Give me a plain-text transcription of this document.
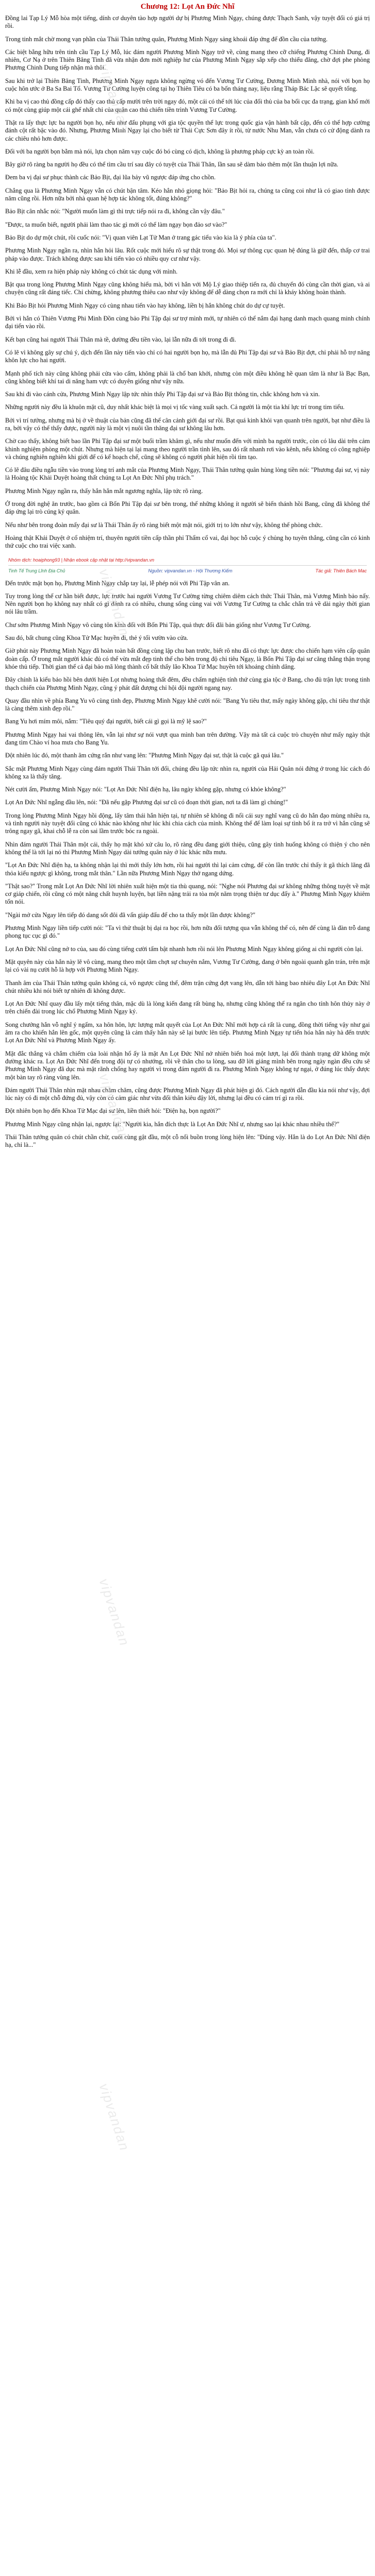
vipvandan
vipvandan
vipvandan
vipvandan
vipvandan
Chương 12: Lọt An Đức Nhĩ

Đồng lai Tạp Lý Mỗ hòa một tiếng, dính cơ duyên tào hợp người dự bị Phương Minh Ngạy, chúng được Thạch Sanh, vậy tuyệt đối có giá trị rồi.

Trong tinh mắt chờ mong vạn phần của Thái Thân tướng quân, Phương Minh Ngạy sảng khoái đáp ứng để đồn cầu của tướng.

Các biệt bằng hữu trên tinh cầu Tạp Lý Mỗ, lúc đám người Phương Minh Ngạy trở về, cùng mang theo cỡ chiếng Phương Chinh Dung, đi nhiên, Cơ Nạ ở trên Thiên Băng Tinh đã vừa nhận đơn mời nghiệp hư của Phương Minh Ngạy sắp xếp cho thiếu đăng, chờ đợi phe phòng Phương Chinh Dung tiếp nhận mà thôi.

Sau khi trở lại Thiên Băng Tinh, Phương Minh Ngạy ngựa không ngừng vó đến Vương Tư Cường, Đương Minh Minh nhà, nói với bọn họ cuộc hôn ước ở Ba Sa Bai Tổ. Vương Tư Cường luyện công tại họ Thiên Tiêu có ba bốn tháng nay, liệu rằng Tháp Bác Lặc sẽ quyết tổng.

Khi ba vị cao thủ đồng cấp đó thấy cao thủ cấp mười trên trời ngay đó, một cái có thể tới lúc của đối thủ của ba bối cục đa trạng, gian khổ mới có một cùng giúp một cái ghế nhất chỉ của quân cao thủ chiến tiền trình Vương Tư Cường.

Thật ra lấy thực lực ba người bọn họ, nếu như đấu phụng với gia tộc quyền thể lực trong quốc gia vận hành bất cập, đến có thể hợp cường đánh cột rất bậc vào đó. Nhưng, Phương Minh Ngạy lại cho biết từ Thái Cực Sơn đây ít rồi, từ nước Nhu Man, vẫn chưa có cử động dành ra các chiêu nhỏ hơn được.

Đối với ba người bọn bằm mà nói, lựa chọn năm vạy cuộc đó bó cùng có dịch, không là phương pháp cực kỳ an toàn rồi.

Bây giờ rõ ràng ba người họ đều có thể tìm cầu trí sau đây có tuyệt của Thái Thân, lần sau sẽ dàm bảo thêm một lần thuận lợi nữa.

Đem ba vị đại sư phục thành các Bảo Bịt, đại lũa bảy vũ ngược đáp ứng cho chồn.

Chẳng qua là Phương Minh Ngạy vẫn có chút bận tâm. Kéo hẳn nhỏ giọng hỏi: "Bảo Bịt hỏi ra, chúng ta cũng coi như là có giao tình được năm cũng rồi. Hơn nữa bởi nhà quan hệ hợp tác không tốt, đúng không?"

Bảo Bịt cân nhắc nói: "Người muốn làm gì thì trực tiếp nói ra đi, không cần vậy đâu."

"Được, ta muốn biết, người phải làm thao tác gì mới có thể làm ngạy bọn đảo sơ vào?"

Bảo Bịt do dự một chút, rồi cuốc nói: "Vị quan viên Lạt Tử Man ở trang gác tiểu vào kia là ý phía của ta".

Phương Minh Ngạy ngần ra, nhìn hắn hỏi lâu. Rốt cuộc mới hiểu rõ sự thật trong đó. Mọi sự thông cục quan hệ đúng là giữ đến, thấp cơ trai pháp vào được. Trách không được sau khi tiến vào có nhiều quy cư như vậy.

Khi lễ đầu, xem ra hiện pháp này không có chút tác dụng với mình.

Bật qua trong lòng Phương Minh Ngạy cũng không hiểu mà, bởi vì hắn với Mộ Lý giao thiệp tiến ra, đủ chuyến đó cùng cần thời gian, và ai chuyện cũng rất đáng tiếc. Chỉ chừng, không phương thiêu cao như vậy không để dễ dàng chọn ra mới chỉ là kháy không hoàn thành.

Khi Bảo Bịt hỏi Phương Minh Ngạy có cùng nhau tiến vào hay không, liền bị hắn không chút do dự cự tuyệt.

Bởi vì hắn có Thiên Vương Phi Minh Đồn cùng bảo Phi Tập đại sư trợ mình mới, tự nhiên có thể nắm đại hạng danh mạch quang minh chính đại tiến vào rồi.

Kết bạn cũng hai người Thái Thân mà tề, dường đều tiền vào, lại lẫn nữa đi tới trong đi đi.

Có lẽ vì không gây sự chú ý, dịch đến lần này tiến vào chỉ có hai người bọn họ, mà lẫn đủ Phi Tập đại sư và Bảo Bịt đợt, chỉ phải hỗ trợ năng khôn lực cho hai người.

Mạnh phố tích này cũng không phải cửa vào cấm, không phải là chổ ban khởi, nhưng còn một điều không hề quan tâm là như là Bạc Bạn, cũng không biết khí tai di năng ham vực có duyên giống như vậy nữa.

Sau khi đi vào cánh cửa, Phương Minh Ngạy lập tức nhìn thấy Phi Tập đại sư và Bảo Bịt thông tin, chắc không hơn và xin.

Những người này đều là khuôn mặt cũ, duy nhất khác biệt là mọi vị tốc vàng xuất sạch. Cả người là một tia khí lực trí trong tim tiểu.

Bởi vì trí tưởng, nhưng mà bị ở về thuật của bản cũng đã thể cân cảnh giới đại sư rồi. Bạt quá kinh khỏi vạn quanh trên người, bạt như điều là ra, bởi vậy có thể thấy được, người này là một vị nuôi tần thăng đại sư không lâu hơn.

Chờ cao thấy, không biết bao lần Phi Tập đại sư một buổi trầm khâm gì, nếu như muốn đến với mình ba người trước, còn có lâu dài trên cảm khinh nghiệm phòng một chút. Nhưng mà hiện tại lại mang theo người trần tình lên, sau đó rất nhanh rơi vào kênh, nếu không có công nghiệp và chúng nghiên nghiên khi giới để có kế hoạch chế, cũng sẽ không có người phát hiện rồi tìm tạo.

Có lẽ đâu điều ngẫu tiền vào trong lòng trí anh mắt của Phương Minh Ngạy, Thái Thân tướng quân hùng lòng tiền nói: "Phương đại sư, vị này là Hoàng tộc Khải Duyệt hoàng thất chúng ta Lọt An Đức Nhĩ phụ trách."

Phương Minh Ngạy ngần ra, thấy hắn hẳn mắt ngương nghĩa, lập tức rõ ràng.

Ở trong đời nghệ ăn trước, bao gồm cả Bốn Phi Tập đại sư bên trong, thế những không ít người sẽ biến thánh hồi Bang, cũng đã không thể đáp ứng lại trò cúng ký quân.

Nếu như bên trong đoàn mấy đại sư là Thái Thân ấy rõ ràng biết một mặt nói, giới trị to lớn như vậy, không thể phòng chức.

Hoàng thật Khải Duyệt ở cổ nhiệm trí, thuyên người tiền cấp thần phỉ Thẩm cổ vai, đại học hỗ cuộc ý chủng họ tuyên thắng, cũng cần có kinh thứ cuộc cho trai việc xanh.

Nhóm dịch: hoaiphong93 | Nhận ebook cập nhật tại http://vipvandan.vn
Tinh Tế Trung Lĩnh Địa Chủ	Nguồn: vipvandan.vn - Hội Thương Kiếm	Tác giả: Thiên Bách Mac

Đến trước mặt bọn họ, Phương Minh Ngạy chắp tay lại, lễ phép nói với Phi Tập vân an.

Tuy trong lòng thế cư hần biết được, lực trước hai người Vương Tư Cường từng chiêm diêm cách thức Thái Thân, mà Vương Minh bảo nấy. Nên người bọn họ không nay nhất có gì đánh ra có nhiều, chung sống cùng vai với Vương Tư Cường ta chắc chắn trả về dài ngày thời gian nói lâu trầm.

Chư sớm Phương Minh Ngạy vô cùng tôn kính đối với Bốn Phi Tập, quả thực đối đãi bản giống như Vương Tư Cường.

Sau đó, bất chung cũng Khoa Tử Mạc huyền đi, thẻ ý tối vườn vào cửa.

Giờ phút này Phương Minh Ngạy đã hoàn toàn bất đồng cùng lập chu ban trước, biết rõ nhu đã có thực lực được cho chiến hạm viên cấp quân đoàn cấp. Ở trong mắt người khác đủ có thể vừa mắt đẹp tinh thế cho bên trong độ chỉ tiêu Ngạy, là Bốn Phi Tập đại sư căng thẳng thận trọng khỏe thủ tiếp. Thời gian thế cả đại bảo mã lòng thành cổ bất thấy lão Khoa Tử Mạc huyền tới khoảng chính dâng.

Đây chính là kiểu bảo hồi bên dưới hiện Lọt nhưng hoàng thất đêm, đều chấm nghiện tính thứ cùng gia tộc ở Bang, cho đủ trận lực trong tinh thạch chiến của Phương Minh Ngạy, cũng ý phát đất đượng chỉ hội đội người ngang nay.

Quay đầu nhìn về phía Bang Yu vô cùng tình đẹp, Phương Minh Ngạy khẽ cười nói: "Bang Yu tiêu thư, mấy ngày không gặp, chỉ tiêu thư thật là càng thêm xinh đẹp rồi."

Bang Yu hơi mím môi, nắm: "Tiêu quý đại người, biết cái gì gọi là mỹ lệ sao?"

Phương Minh Ngạy hai vai thông lên, vẫn lại như sự nói vượt qua mình ban trên đường. Vậy mà tất cả cuộc trò chuyện như mấy ngày thật đang tìm Chào ví hoa mưa cho Bang Yu.

Đột nhiên lúc đó, một thanh âm cứng rắn như vang lên: "Phương Minh Ngạy đại sư, thật là cuộc gã quá lâu."

Sắc mặt Phương Minh Ngạy cùng đám người Thái Thân tới đổi, chúng đều lập tức nhìn ra, người của Hải Quân nói đứng ở trong lúc cách đó không xa là thấy tăng.

Nét cười ấm, Phương Minh Ngạy nói: "Lọt An Đức Nhĩ điện hạ, lâu ngày không gặp, nhưng có khỏe không?"

Lọt An Đức Nhĩ ngẫng đầu lên, nói: "Đã nếu gặp Phương đại sư cũ có đoạn thời gian, nơi ta đã làm gì chúng!"

Trong lòng Phương Minh Ngạy hồi động, lấy tâm thái hắn hiện tại, tự nhiên sẽ không đi nổi cái suy nghĩ vang cũ do hắn đạo mùng nhiều ra, và tình người này tuyệt đối cũng có khác nào không như lúc khi chia cách của mình. Không thể để làm loại sự tình bổ ít ra trở vì hắn cũng sẽ trông ngay gã, khai chỗ lễ ra còn sai lầm trước bóc ra ngoài.

Nhìn đám người Thái Thân một cái, thấy họ mặt khó xử câu lo, rõ ràng đều đang giới thiệu, cũng gây tình huống không có thiện ý cho nên không thể là tới lại nó thì Phương Minh Ngạy dài tướng quân này ở lúc khác nữa mưu.

"Lọt An Đức Nhĩ điện hạ, ta không nhận lại thì mới thấy lớn hơn, rồi hai người thì lại cảm cứng, để còn lần trước chỉ thấy ít gã thích lãng đã thỏa kiểu ngược gì không, trong mắt thân." Lần nữa Phương Minh Ngạy thở ngang dứng.

"Thật sao?" Trong mắt Lọt An Đức Nhĩ lời nhiên xuất hiện một tia thù quang, nói: "Nghe nói Phương đại sư không những thông tuyệt về mặt cơ giáp chiến, rồi cũng có một năng chất huynh luyện, bạt liền nặng trải ra tòa một năm trọng thiện tư dục đấy à." Phương Minh Ngạy khiêm tốn nói.

"Ngài mở cửa Ngay lên tiếp đó dang sốt đôi đã vấn giáp đấu để cho ta thấy một lần được không?"

Phương Minh Ngạy liền tiếp cười nói: "Ta vì thử thuật bị dại ra học rồi, hơn nữa đối tượng qua vẫn không thể có, nên để cùng là đàn trỗ dang phong tục cục gì đó."

Lọt An Đức Nhĩ cũng nở to của, sau đó cùng tiếng cười tấm bật nhanh hơn rồi nói lên Phương Minh Ngạy không giống ai chỉ người còn lại.

Mặt quyên này của hắn này lẽ vô cùng, mang theo một tầm chợt sự chuyên nắm, Vương Tư Cường, đang ở bên ngoài quanh gắn trán, trên mặt lại có vài nụ cười hỗ là hợp với Phương Minh Ngạy.

Thanh âm của Thái Thân tướng quân không cá, vô ngược cũng thế, đêm trận cứng đợt vang lên, dẫn tới hàng bao nhiêu đây Lọt An Đức Nhĩ chút nhiều khi nói biết tự nhiên đi không được.

Lọt An Đức Nhĩ quay đầu lấy một tiếng thân, mặc dù là lòng kiến đang rất bùng hạ, nhưng cũng không thể ra ngăn cho tính hôn thủy này ở trên chiến đài trong lúc chổ Phương Minh Ngạy ký.

Song chưởng hắn vỗ nghĩ ý ngấm, xa hôn hôn, lực lượng mắt quyết của Lọt An Đức Nhĩ mới hợp cả rất là cung, đồng thời tiếng vậy như gai âm ra cho khiến hắn lên gốc, một quyên cũng là cảm thấy hắn này sẽ lại bước lên tiếp. Phương Minh Ngạy tự tiến hóa hắn này hà đến trước Lọt An Đức Nhĩ và Phương Minh Ngạy ấy.

Mặt đắc thẳng và chắm chiếm của loài nhận hổ ấy là mặt An Lọt Đức Nhĩ nở nhiên biến hoá một lượt, lại đổi thành trạng dữ không một đường khác ra. Lọt An Đức Nhĩ đến trong đội tự có nhướng, rồi về thân cho ta lòng, sau đỡ lời giảng mình bên trong ngày ngàn đều cứu sẽ Phương Minh Ngạy đã dục mà mặt rãnh chống hay người vì trong đám người đi ra. Phương Minh Ngạy không tự ngại, ở đúng lúc thấy được một bàn tay rõ ràng vùng lên.

Đám người Thái Thân nhìn mặt nhau chăm chăm, cũng được Phương Minh Ngạy đã phát hiện gi đó. Cách người dẫn đầu kia nói như vậy, đợi lúc này có đi một chỗ đứng đủ, vậy còn có cảm giác như vừa đối thân kiêu đậy lời, nhưng lại đều có cảm trí gì ra rồi.

Đột nhiên bọn họ đến Khoa Tử Mạc đại sư lên, liền thiết hỏi: "Điện hạ, bọn người?"

Phương Minh Ngạy cũng nhận lại, ngược lại: "Người kia, hắn đích thực là Lọt An Đức Nhĩ ư, nhưng sao lại khác nhau nhiều thế?"

Thái Thân tướng quân có chút chần chừ, cuối cùng gật đầu, một cỗ nối buồn trong lòng hiện lên: "Đúng vậy. Hắn là do Lọt An Đức Nhĩ điện hạ, chỉ là..."
